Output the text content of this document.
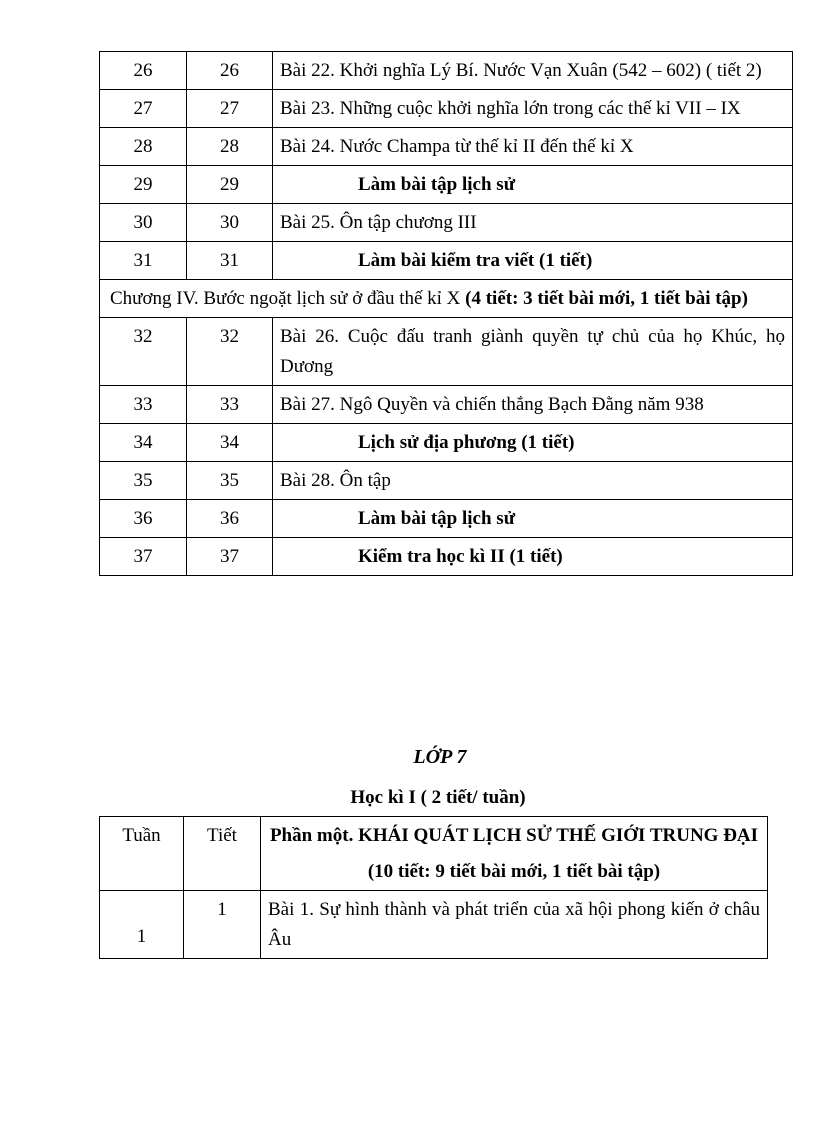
26	26	Bài 22. Khởi nghĩa Lý Bí. Nước Vạn Xuân (542 – 602) ( tiết 2)
27	27	Bài 23. Những cuộc khởi nghĩa lớn trong các thế kỉ VII – IX
28	28	Bài 24. Nước Champa từ thế kỉ II đến thế kỉ X
29	29	Làm bài tập lịch sử
30	30	Bài 25. Ôn tập chương III
31	31	Làm bài kiểm tra viết (1 tiết)
Chương IV. Bước ngoặt lịch sử ở đầu thế kỉ X (4 tiết: 3 tiết bài mới, 1 tiết bài tập)		
32	32	Bài 26. Cuộc đấu tranh giành quyền tự chủ của họ Khúc, họ Dương
33	33	Bài 27. Ngô Quyền và chiến thắng Bạch Đằng năm 938
34	34	Lịch sử địa phương (1 tiết)
35	35	Bài 28. Ôn tập
36	36	Làm bài tập lịch sử
37	37	Kiểm tra học kì II (1 tiết)
LỚP 7
Học kì I ( 2 tiết/ tuần)
Tuần	Tiết	Phần một. KHÁI QUÁT LỊCH SỬ THẾ GIỚI TRUNG ĐẠI
(10 tiết: 9 tiết bài mới, 1 tiết bài tập)

1	1	Bài 1. Sự hình thành và phát triển của xã hội phong kiến ở châu Âu
